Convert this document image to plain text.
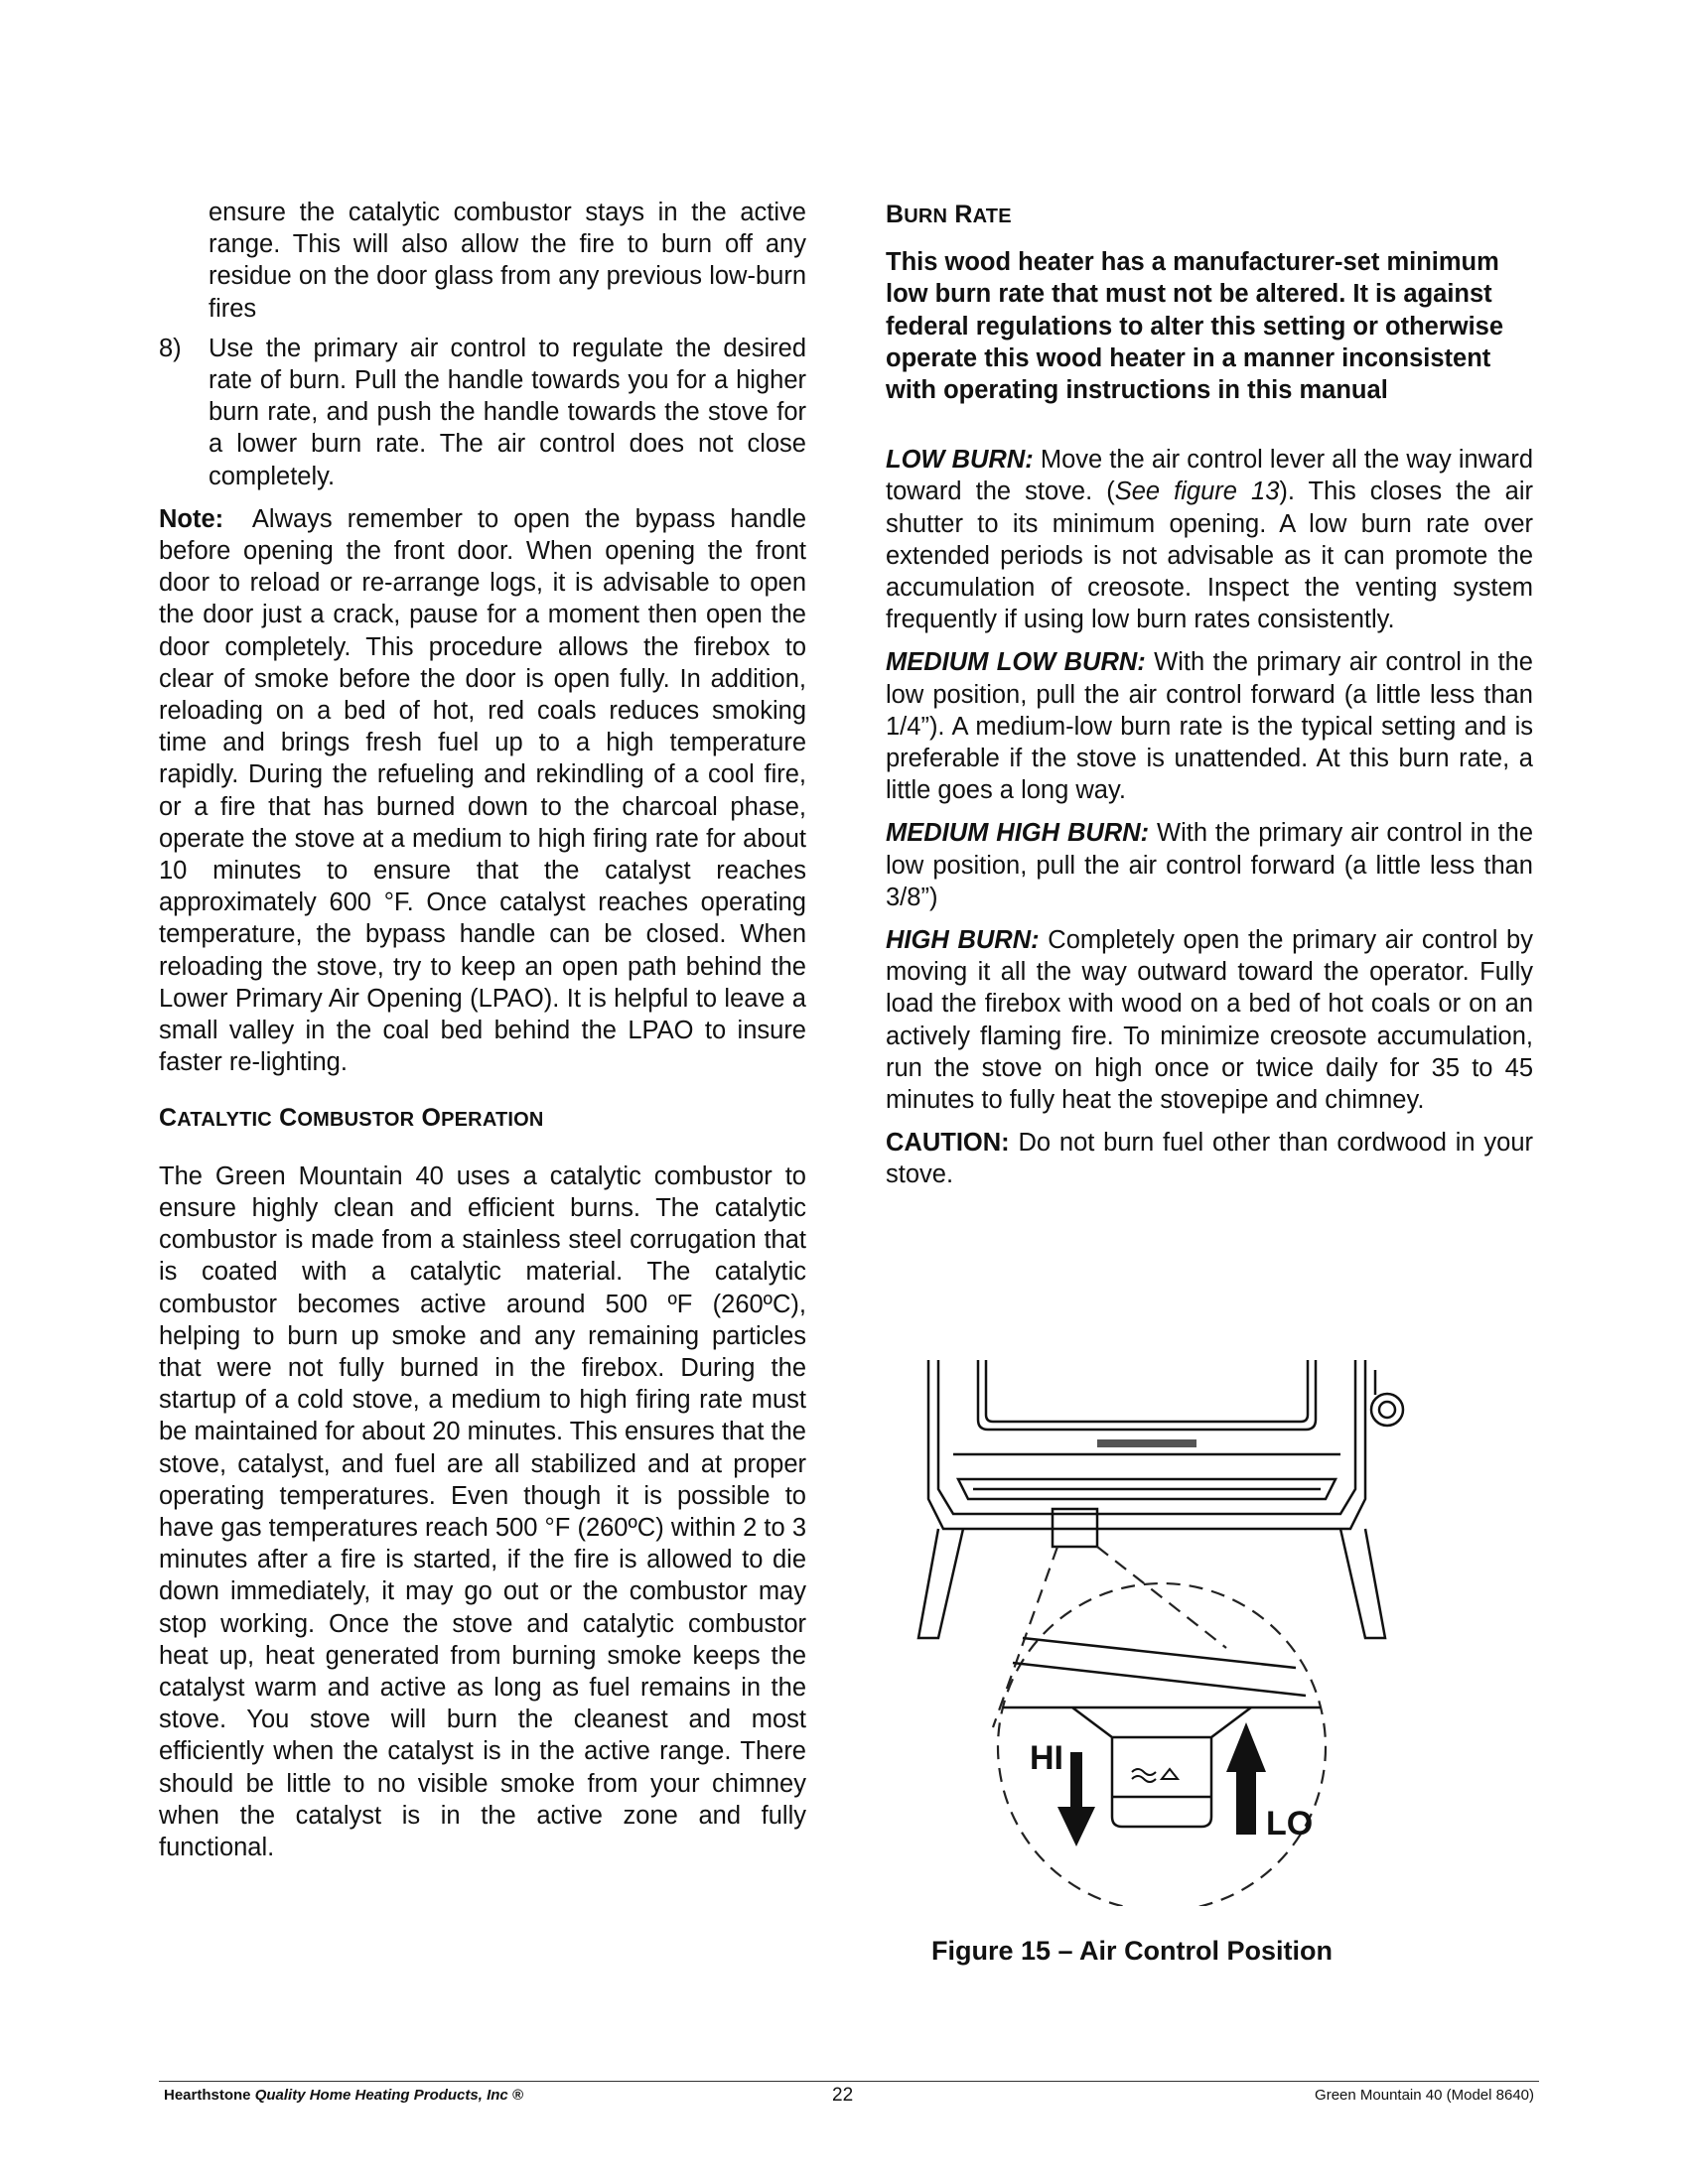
ensure the catalytic combustor stays in the active range. This will also allow the fire to burn off any residue on the door glass from any previous low-burn fires

8) Use the primary air control to regulate the desired rate of burn. Pull the handle towards you for a higher burn rate, and push the handle towards the stove for a lower burn rate. The air control does not close completely.

Note: Always remember to open the bypass handle before opening the front door. When opening the front door to reload or re-arrange logs, it is advisable to open the door just a crack, pause for a moment then open the door completely. This procedure allows the firebox to clear of smoke before the door is open fully. In addition, reloading on a bed of hot, red coals reduces smoking time and brings fresh fuel up to a high temperature rapidly. During the refueling and rekindling of a cool fire, or a fire that has burned down to the charcoal phase, operate the stove at a medium to high firing rate for about 10 minutes to ensure that the catalyst reaches approximately 600 °F. Once catalyst reaches operating temperature, the bypass handle can be closed. When reloading the stove, try to keep an open path behind the Lower Primary Air Opening (LPAO). It is helpful to leave a small valley in the coal bed behind the LPAO to insure faster re-lighting.

CATALYTIC COMBUSTOR OPERATION

The Green Mountain 40 uses a catalytic combustor to ensure highly clean and efficient burns. The catalytic combustor is made from a stainless steel corrugation that is coated with a catalytic material. The catalytic combustor becomes active around 500 ºF (260ºC), helping to burn up smoke and any remaining particles that were not fully burned in the firebox. During the startup of a cold stove, a medium to high firing rate must be maintained for about 20 minutes. This ensures that the stove, catalyst, and fuel are all stabilized and at proper operating temperatures. Even though it is possible to have gas temperatures reach 500 °F (260ºC) within 2 to 3 minutes after a fire is started, if the fire is allowed to die down immediately, it may go out or the combustor may stop working. Once the stove and catalytic combustor heat up, heat generated from burning smoke keeps the catalyst warm and active as long as fuel remains in the stove. You stove will burn the cleanest and most efficiently when the catalyst is in the active range. There should be little to no visible smoke from your chimney when the catalyst is in the active zone and fully functional.

BURN RATE

This wood heater has a manufacturer-set minimum low burn rate that must not be altered. It is against federal regulations to alter this setting or otherwise operate this wood heater in a manner inconsistent with operating instructions in this manual

LOW BURN: Move the air control lever all the way inward toward the stove. (See figure 13). This closes the air shutter to its minimum opening. A low burn rate over extended periods is not advisable as it can promote the accumulation of creosote. Inspect the venting system frequently if using low burn rates consistently.

MEDIUM LOW BURN: With the primary air control in the low position, pull the air control forward (a little less than 1/4”). A medium-low burn rate is the typical setting and is preferable if the stove is unattended. At this burn rate, a little goes a long way.

MEDIUM HIGH BURN: With the primary air control in the low position, pull the air control forward (a little less than 3/8”)

HIGH BURN: Completely open the primary air control by moving it all the way outward toward the operator. Fully load the firebox with wood on a bed of hot coals or on an actively flaming fire. To minimize creosote accumulation, run the stove on high once or twice daily for 35 to 45 minutes to fully heat the stovepipe and chimney.

CAUTION: Do not burn fuel other than cordwood in your stove.

HI
LO
Figure 15 – Air Control Position
Hearthstone Quality Home Heating Products, Inc ®	22	Green Mountain 40 (Model 8640)
